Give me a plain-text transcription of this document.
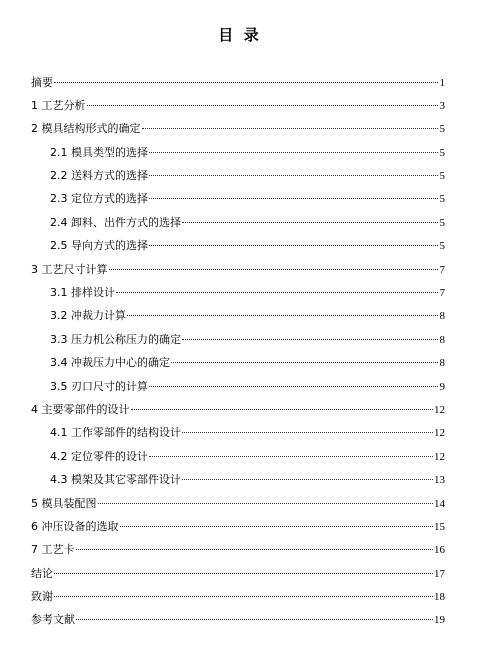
目  录
摘要	1
1 工艺分析	3
2 模具结构形式的确定	5
2.1 模具类型的选择	5
2.2 送料方式的选择	5
2.3 定位方式的选择	5
2.4 卸料、出件方式的选择	5
2.5 导向方式的选择	5
3 工艺尺寸计算	7
3.1 排样设计	7
3.2 冲裁力计算	8
3.3 压力机公称压力的确定	8
3.4 冲裁压力中心的确定	8
3.5 刃口尺寸的计算	9
4 主要零部件的设计	12
4.1 工作零部件的结构设计	12
4.2 定位零件的设计	12
4.3 模架及其它零部件设计	13
5 模具装配图	14
6 冲压设备的选取	15
7 工艺卡	16
结论	17
致谢	18
参考文献	19
